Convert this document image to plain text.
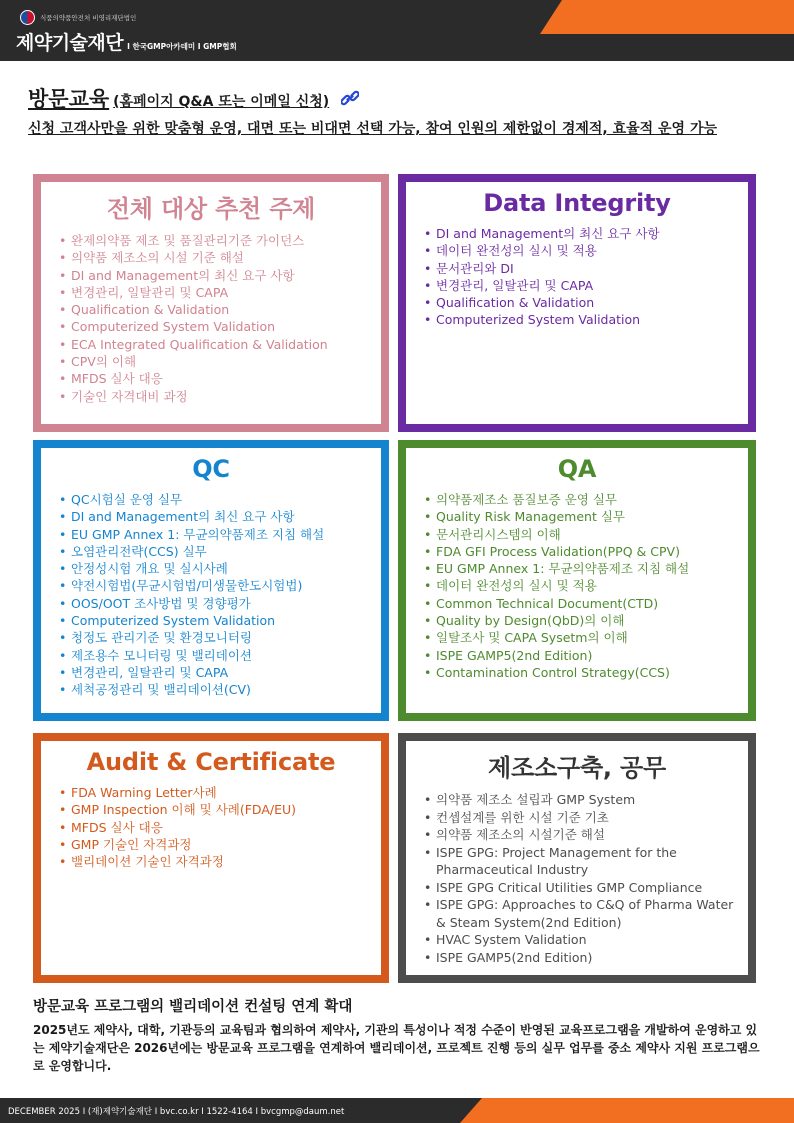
식품의약품안전처 비영리재단법인
제약기술재단 I 한국GMP아카데미 I GMP협회
방문교육 (홈페이지 Q&A 또는 이메일 신청)
신청 고객사만을 위한 맞춤형 운영, 대면 또는 비대면 선택 가능, 참여 인원의 제한없이 경제적, 효율적 운영 가능
전체 대상 추천 주제
• 완제의약품 제조 및 품질관리기준 가이던스
• 의약품 제조소의 시설 기준 해설
• DI and Management의 최신 요구 사항
• 변경관리, 일탈관리 및 CAPA
• Qualification & Validation
• Computerized System Validation
• ECA Integrated Qualification & Validation
• CPV의 이해
• MFDS 실사 대응
• 기술인 자격대비 과정
Data Integrity
• DI and Management의 최신 요구 사항
• 데이터 완전성의 실시 및 적용
• 문서관리와 DI
• 변경관리, 일탈관리 및 CAPA
• Qualification & Validation
• Computerized System Validation
QC
• QC시험실 운영 실무
• DI and Management의 최신 요구 사항
• EU GMP Annex 1: 무균의약품제조 지침 해설
• 오염관리전략(CCS) 실무
• 안정성시험 개요 및 실시사례
• 약전시험법(무균시험법/미생물한도시험법)
• OOS/OOT 조사방법 및 경향평가
• Computerized System Validation
• 청정도 관리기준 및 환경모니터링
• 제조용수 모니터링 및 밸리데이션
• 변경관리, 일탈관리 및 CAPA
• 세척공정관리 및 밸리데이션(CV)
QA
• 의약품제조소 품질보증 운영 실무
• Quality Risk Management 실무
• 문서관리시스템의 이해
• FDA GFI Process Validation(PPQ & CPV)
• EU GMP Annex 1: 무균의약품제조 지침 해설
• 데이터 완전성의 실시 및 적용
• Common Technical Document(CTD)
• Quality by Design(QbD)의 이해
• 일탈조사 및 CAPA Sysetm의 이해
• ISPE GAMP5(2nd Edition)
• Contamination Control Strategy(CCS)
Audit & Certificate
• FDA Warning Letter사례
• GMP Inspection 이해 및 사례(FDA/EU)
• MFDS 실사 대응
• GMP 기술인 자격과정
• 밸리데이션 기술인 자격과정
제조소구축, 공무
• 의약품 제조소 설립과 GMP System
• 컨셉설계를 위한 시설 기준 기초
• 의약품 제조소의 시설기준 해설
• ISPE GPG: Project Management for the Pharmaceutical Industry
• ISPE GPG Critical Utilities GMP Compliance
• ISPE GPG: Approaches to C&Q of Pharma Water & Steam System(2nd Edition)
• HVAC System Validation
• ISPE GAMP5(2nd Edition)
방문교육 프로그램의 밸리데이션 컨설팅 연계 확대
2025년도 제약사, 대학, 기관등의 교육팀과 협의하여 제약사, 기관의 특성이나 적정 수준이 반영된 교육프로그램을 개발하여 운영하고 있는 제약기술재단은 2026년에는 방문교육 프로그램을 연계하여 밸리데이션, 프로젝트 진행 등의 실무 업무를 중소 제약사 지원 프로그램으로 운영합니다.
DECEMBER 2025 I (재)제약기술재단 I bvc.co.kr I 1522-4164 I bvcgmp@daum.net
